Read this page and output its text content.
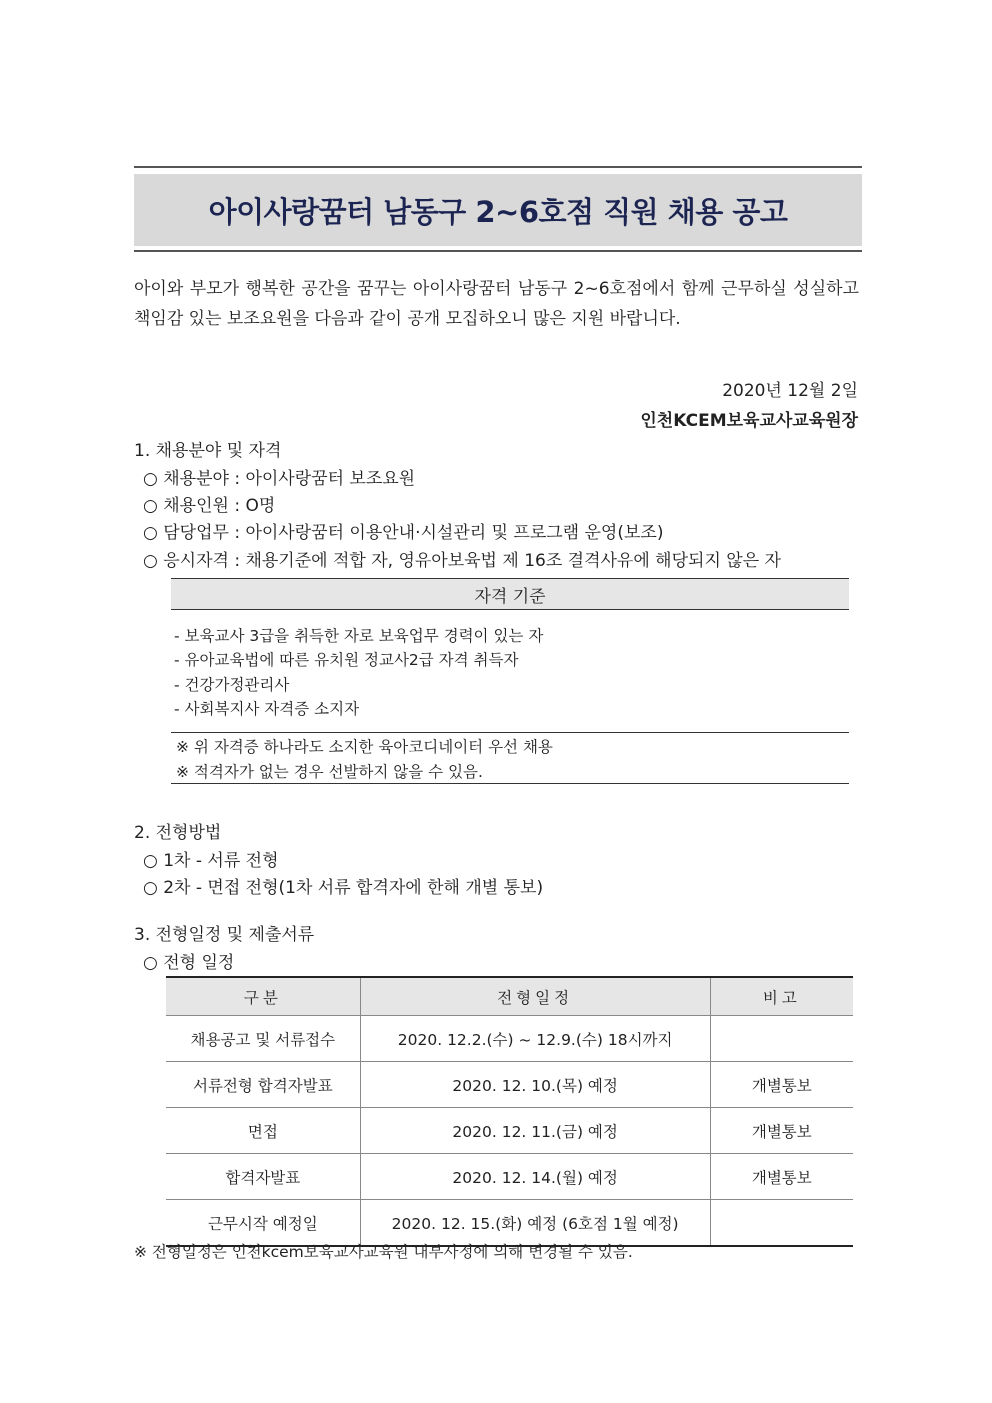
아이사랑꿈터 남동구 2~6호점 직원 채용 공고
아이와 부모가 행복한 공간을 꿈꾸는 아이사랑꿈터 남동구 2~6호점에서 함께 근무하실 성실하고 책임감 있는 보조요원을 다음과 같이 공개 모집하오니 많은 지원 바랍니다.
2020년 12월 2일
인천KCEM보육교사교육원장
1. 채용분야 및 자격
○ 채용분야 : 아이사랑꿈터 보조요원
○ 채용인원 : O명
○ 담당업무 : 아이사랑꿈터 이용안내·시설관리 및 프로그램 운영(보조)
○ 응시자격 : 채용기준에 적합 자, 영유아보육법 제 16조 결격사유에 해당되지 않은 자
자격 기준
- 보육교사 3급을 취득한 자로 보육업무 경력이 있는 자
- 유아교육법에 따른 유치원 정교사2급 자격 취득자
- 건강가정관리사
- 사회복지사 자격증 소지자
※ 위 자격증 하나라도 소지한 육아코디네이터 우선 채용
※ 적격자가 없는 경우 선발하지 않을 수 있음.
2. 전형방법
○ 1차 - 서류 전형
○ 2차 - 면접 전형(1차 서류 합격자에 한해 개별 통보)
3. 전형일정 및 제출서류
○ 전형 일정
구분	전형일정	비고
채용공고 및 서류접수	2020. 12.2.(수) ~ 12.9.(수) 18시까지	
서류전형 합격자발표	2020. 12. 10.(목) 예정	개별통보
면접	2020. 12. 11.(금) 예정	개별통보
합격자발표	2020. 12. 14.(월) 예정	개별통보
근무시작 예정일	2020. 12. 15.(화) 예정 (6호점 1월 예정)	
※ 전형일정은 인천kcem보육교사교육원 내부사정에 의해 변경될 수 있음.
